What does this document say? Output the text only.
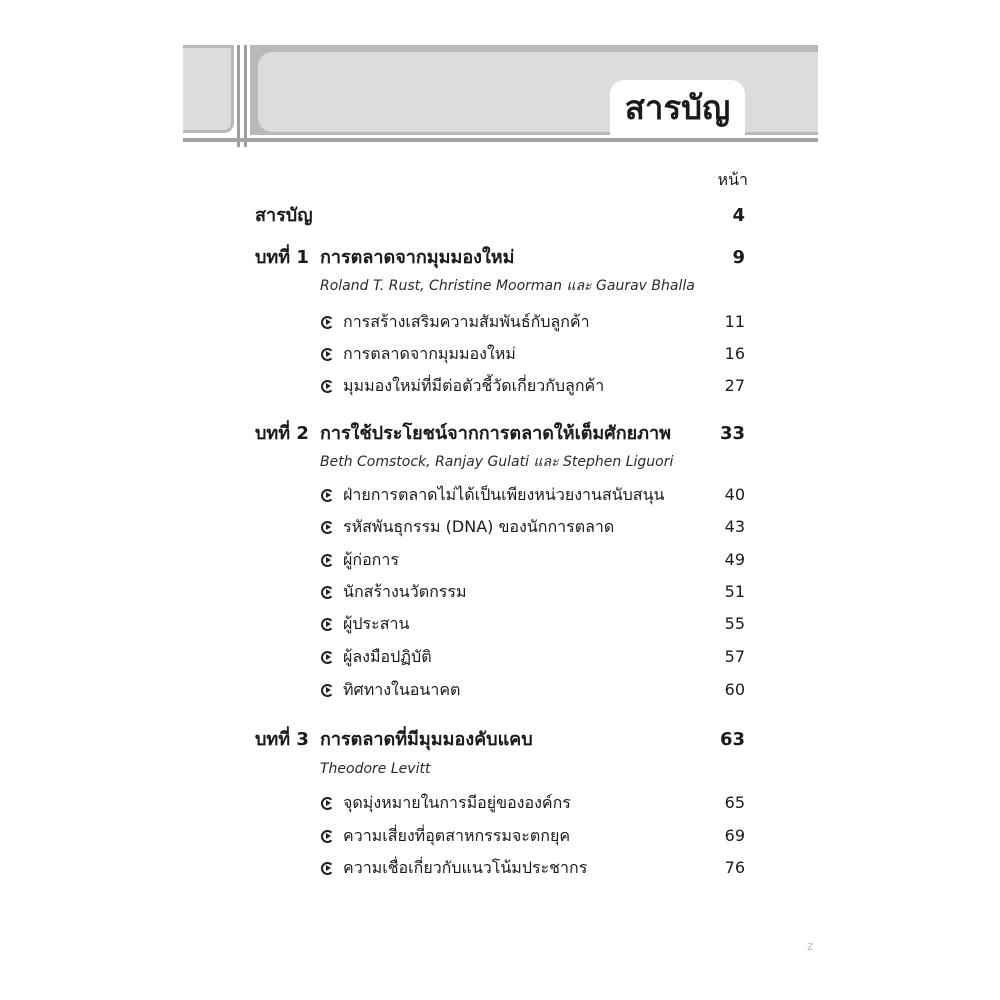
สารบัญ
หน้า
สารบัญ	4
บทที่ 1 การตลาดจากมุมมองใหม่	9
Roland T. Rust, Christine Moorman และ Gaurav Bhalla
การสร้างเสริมความสัมพันธ์กับลูกค้า	11
การตลาดจากมุมมองใหม่	16
มุมมองใหม่ที่มีต่อตัวชี้วัดเกี่ยวกับลูกค้า	27
บทที่ 2 การใช้ประโยชน์จากการตลาดให้เต็มศักยภาพ	33
Beth Comstock, Ranjay Gulati และ Stephen Liguori
ฝ่ายการตลาดไม่ได้เป็นเพียงหน่วยงานสนับสนุน	40
รหัสพันธุกรรม (DNA) ของนักการตลาด	43
ผู้ก่อการ	49
นักสร้างนวัตกรรม	51
ผู้ประสาน	55
ผู้ลงมือปฏิบัติ	57
ทิศทางในอนาคต	60
บทที่ 3 การตลาดที่มีมุมมองคับแคบ	63
Theodore Levitt
จุดมุ่งหมายในการมีอยู่ขององค์กร	65
ความเสี่ยงที่อุตสาหกรรมจะตกยุค	69
ความเชื่อเกี่ยวกับแนวโน้มประชากร	76
z
